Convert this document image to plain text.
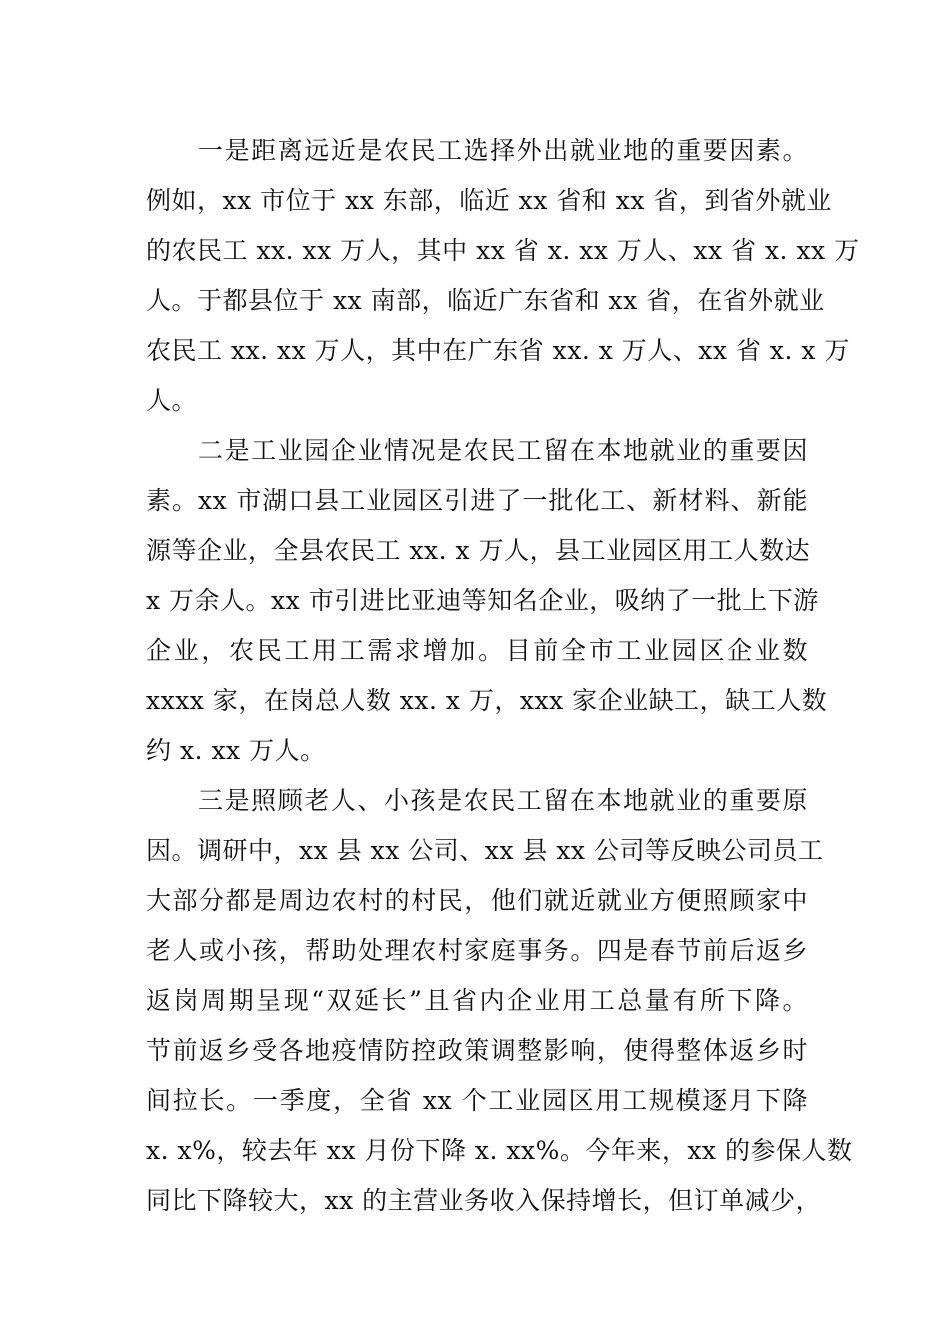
一是距离远近是农民工选择外出就业地的重要因素。
例如，xx 市位于 xx 东部，临近 xx 省和 xx 省，到省外就业
的农民工 xx. xx 万人，其中 xx 省 x. xx 万人、xx 省 x. xx 万
人。于都县位于 xx 南部，临近广东省和 xx 省，在省外就业
农民工 xx. xx 万人，其中在广东省 xx. x 万人、xx 省 x. x 万
人。
二是工业园企业情况是农民工留在本地就业的重要因
素。xx 市湖口县工业园区引进了一批化工、新材料、新能
源等企业，全县农民工 xx. x 万人，县工业园区用工人数达
x 万余人。xx 市引进比亚迪等知名企业，吸纳了一批上下游
企业，农民工用工需求增加。目前全市工业园区企业数
xxxx 家，在岗总人数 xx. x 万，xxx 家企业缺工，缺工人数
约 x. xx 万人。
三是照顾老人、小孩是农民工留在本地就业的重要原
因。调研中，xx 县 xx 公司、xx 县 xx 公司等反映公司员工
大部分都是周边农村的村民，他们就近就业方便照顾家中
老人或小孩，帮助处理农村家庭事务。四是春节前后返乡
返岗周期呈现“双延长”且省内企业用工总量有所下降。
节前返乡受各地疫情防控政策调整影响，使得整体返乡时
间拉长。一季度，全省 xx 个工业园区用工规模逐月下降
x. x%，较去年 xx 月份下降 x. xx%。今年来，xx 的参保人数
同比下降较大，xx 的主营业务收入保持增长，但订单减少，
